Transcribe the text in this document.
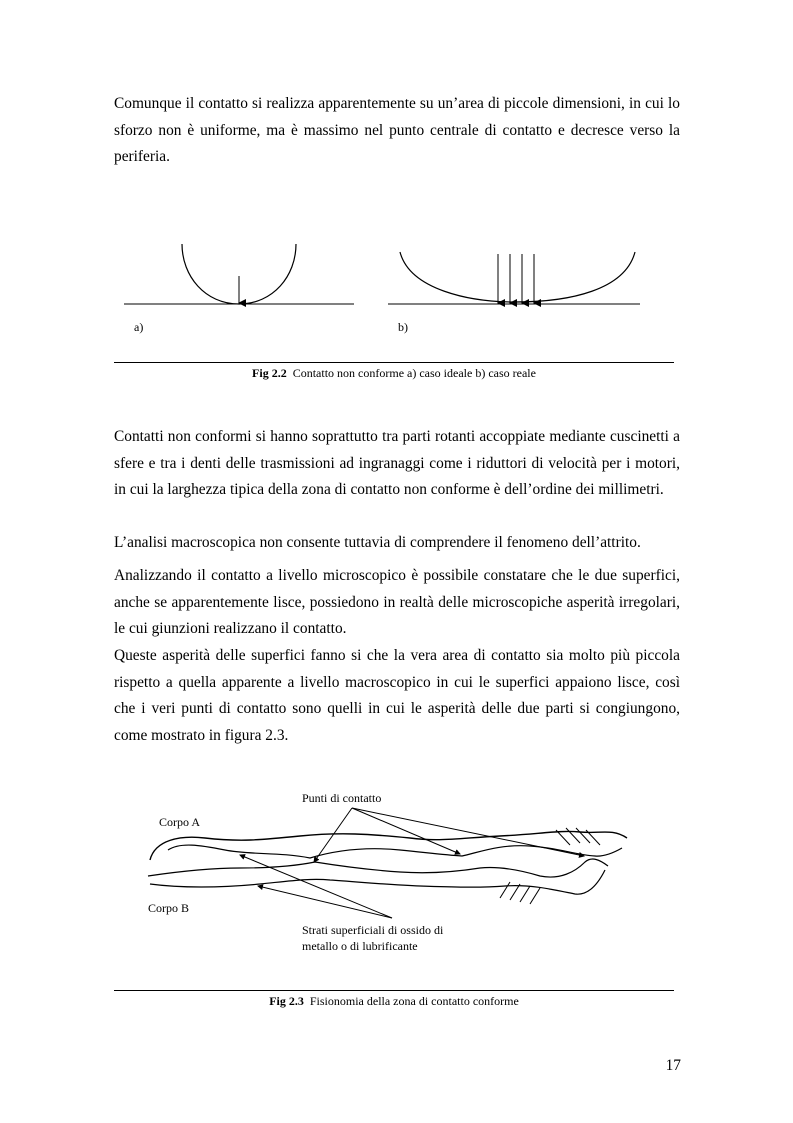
Comunque il contatto si realizza apparentemente su un’area di piccole dimensioni, in cui lo sforzo non è uniforme, ma è massimo nel punto centrale di contatto e decresce verso la periferia.

a)	b)
Fig 2.2 Contatto non conforme a) caso ideale b) caso reale

Contatti non conformi si hanno soprattutto tra parti rotanti accoppiate mediante cuscinetti a sfere e tra i denti delle trasmissioni ad ingranaggi come i riduttori di velocità per i motori, in cui la larghezza tipica della zona di contatto non conforme è dell’ordine dei millimetri.

L’analisi macroscopica non consente tuttavia di comprendere il fenomeno dell’attrito.

Analizzando il contatto a livello microscopico è possibile constatare che le due superfici, anche se apparentemente lisce, possiedono in realtà delle microscopiche asperità irregolari, le cui giunzioni realizzano il contatto.

Queste asperità delle superfici fanno si che la vera area di contatto sia molto più piccola rispetto a quella apparente a livello macroscopico in cui le superfici appaiono lisce, così che i veri punti di contatto sono quelli in cui le asperità delle due parti si congiungono, come mostrato in figura 2.3.

Punti di contatto
Corpo A
Corpo B
Strati superficiali di ossido di
metallo o di lubrificante
Fig 2.3 Fisionomia della zona di contatto conforme
17
